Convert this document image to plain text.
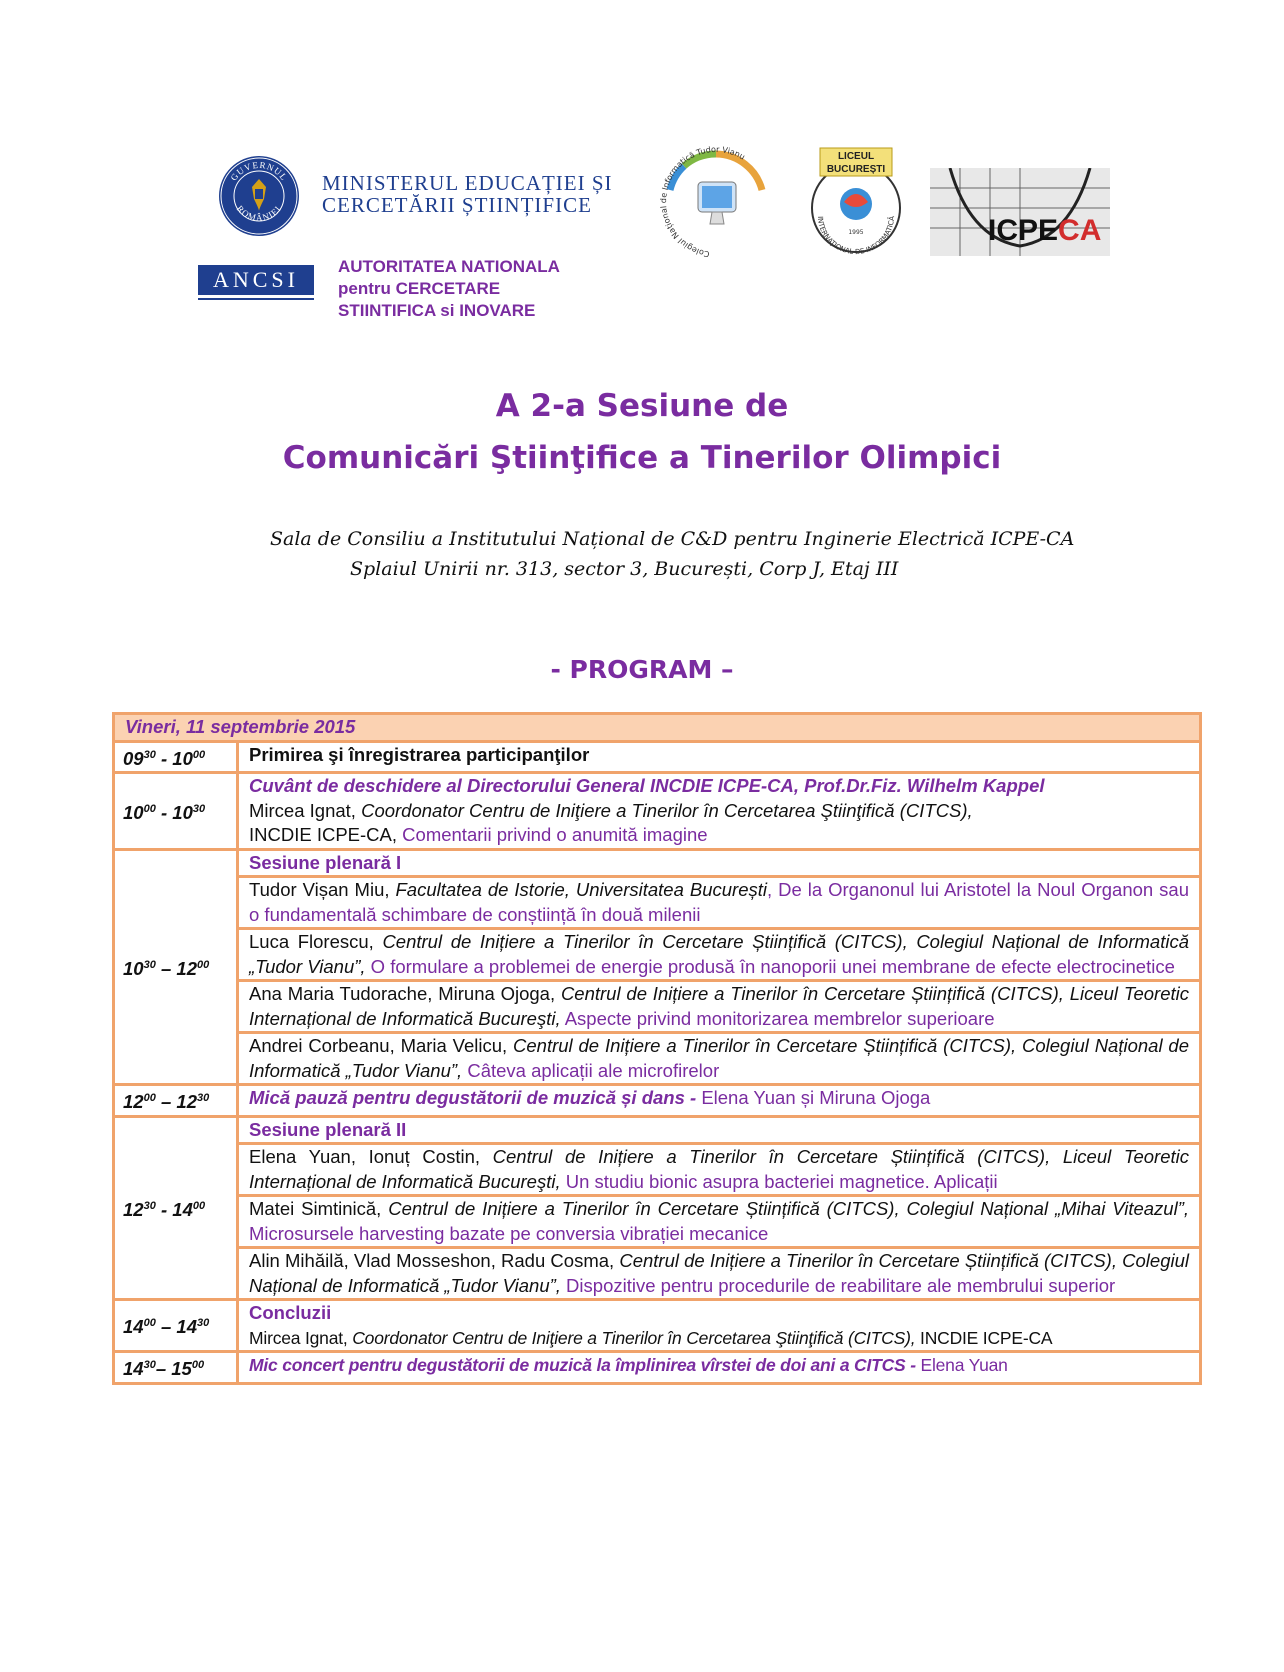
GUVERNUL
ROMÂNIEI
MINISTERUL EDUCAȚIEI ȘI
CERCETĂRII ȘTIINȚIFICE
ANCSI
AUTORITATEA NATIONALA
pentru CERCETARE
STIINTIFICA si INOVARE
Colegiul Național de Informatică Tudor Vianu
INTERNAȚIONAL DE INFORMATICĂ
LICEUL
BUCUREȘTI
1995	ICPECA
A 2-a Sesiune de
Comunicări Ştiinţifice a Tinerilor Olimpici
Sala de Consiliu a Institutului Național de C&D pentru Inginerie Electrică ICPE-CA
Splaiul Unirii nr. 313, sector 3, București, Corp J, Etaj III
- PROGRAM –
Vineri, 11 septembrie 2015	
$09^{30} - 10^{00}$	Primirea şi înregistrarea participanţilor
$10^{00} - 10^{30}$	Cuvânt de deschidere al Directorului General INCDIE ICPE-CA, Prof.Dr.Fiz. Wilhelm Kappel
Mircea Ignat, Coordonator Centru de Iniţiere a Tinerilor în Cercetarea Ştiinţifică (CITCS),
INCDIE ICPE-CA, Comentarii privind o anumită imagine

$10^{30} - 12^{00}$	Sesiune plenară I
	Tudor Vișan Miu, Facultatea de Istorie, Universitatea București, De la Organonul lui Aristotel la Noul Organon sau o fundamentală schimbare de conștiință în două milenii
	Luca Florescu, Centrul de Inițiere a Tinerilor în Cercetare Științifică (CITCS), Colegiul Național de Informatică „Tudor Vianu”, O formulare a problemei de energie produsă în nanoporii unei membrane de efecte electrocinetice
	Ana Maria Tudorache, Miruna Ojoga, Centrul de Inițiere a Tinerilor în Cercetare Științifică (CITCS), Liceul Teoretic Internațional de Informatică Bucureşti, Aspecte privind monitorizarea membrelor superioare
	Andrei Corbeanu, Maria Velicu, Centrul de Inițiere a Tinerilor în Cercetare Științifică (CITCS), Colegiul Național de Informatică „Tudor Vianu”, Câteva aplicații ale microfirelor
$12^{00} - 12^{30}$	Mică pauză pentru degustătorii de muzică și dans - Elena Yuan și Miruna Ojoga
$12^{30} - 14^{00}$	Sesiune plenară II
	Elena Yuan, Ionuț Costin, Centrul de Inițiere a Tinerilor în Cercetare Științifică (CITCS), Liceul Teoretic Internațional de Informatică Bucureşti, Un studiu bionic asupra bacteriei magnetice. Aplicații
	Matei Simtinică, Centrul de Inițiere a Tinerilor în Cercetare Științifică (CITCS), Colegiul Național „Mihai Viteazul”, Microsursele harvesting bazate pe conversia vibrației mecanice
	Alin Mihăilă, Vlad Mosseshon, Radu Cosma, Centrul de Inițiere a Tinerilor în Cercetare Științifică (CITCS), Colegiul Național de Informatică „Tudor Vianu”, Dispozitive pentru procedurile de reabilitare ale membrului superior
$14^{00} - 14^{30}$	Concluzii
Mircea Ignat, Coordonator Centru de Iniţiere a Tinerilor în Cercetarea Ştiinţifică (CITCS), INCDIE ICPE-CA

$14^{30}-$ $15^{00}$	Mic concert pentru degustătorii de muzică la împlinirea vîrstei de doi ani a CITCS - Elena Yuan
